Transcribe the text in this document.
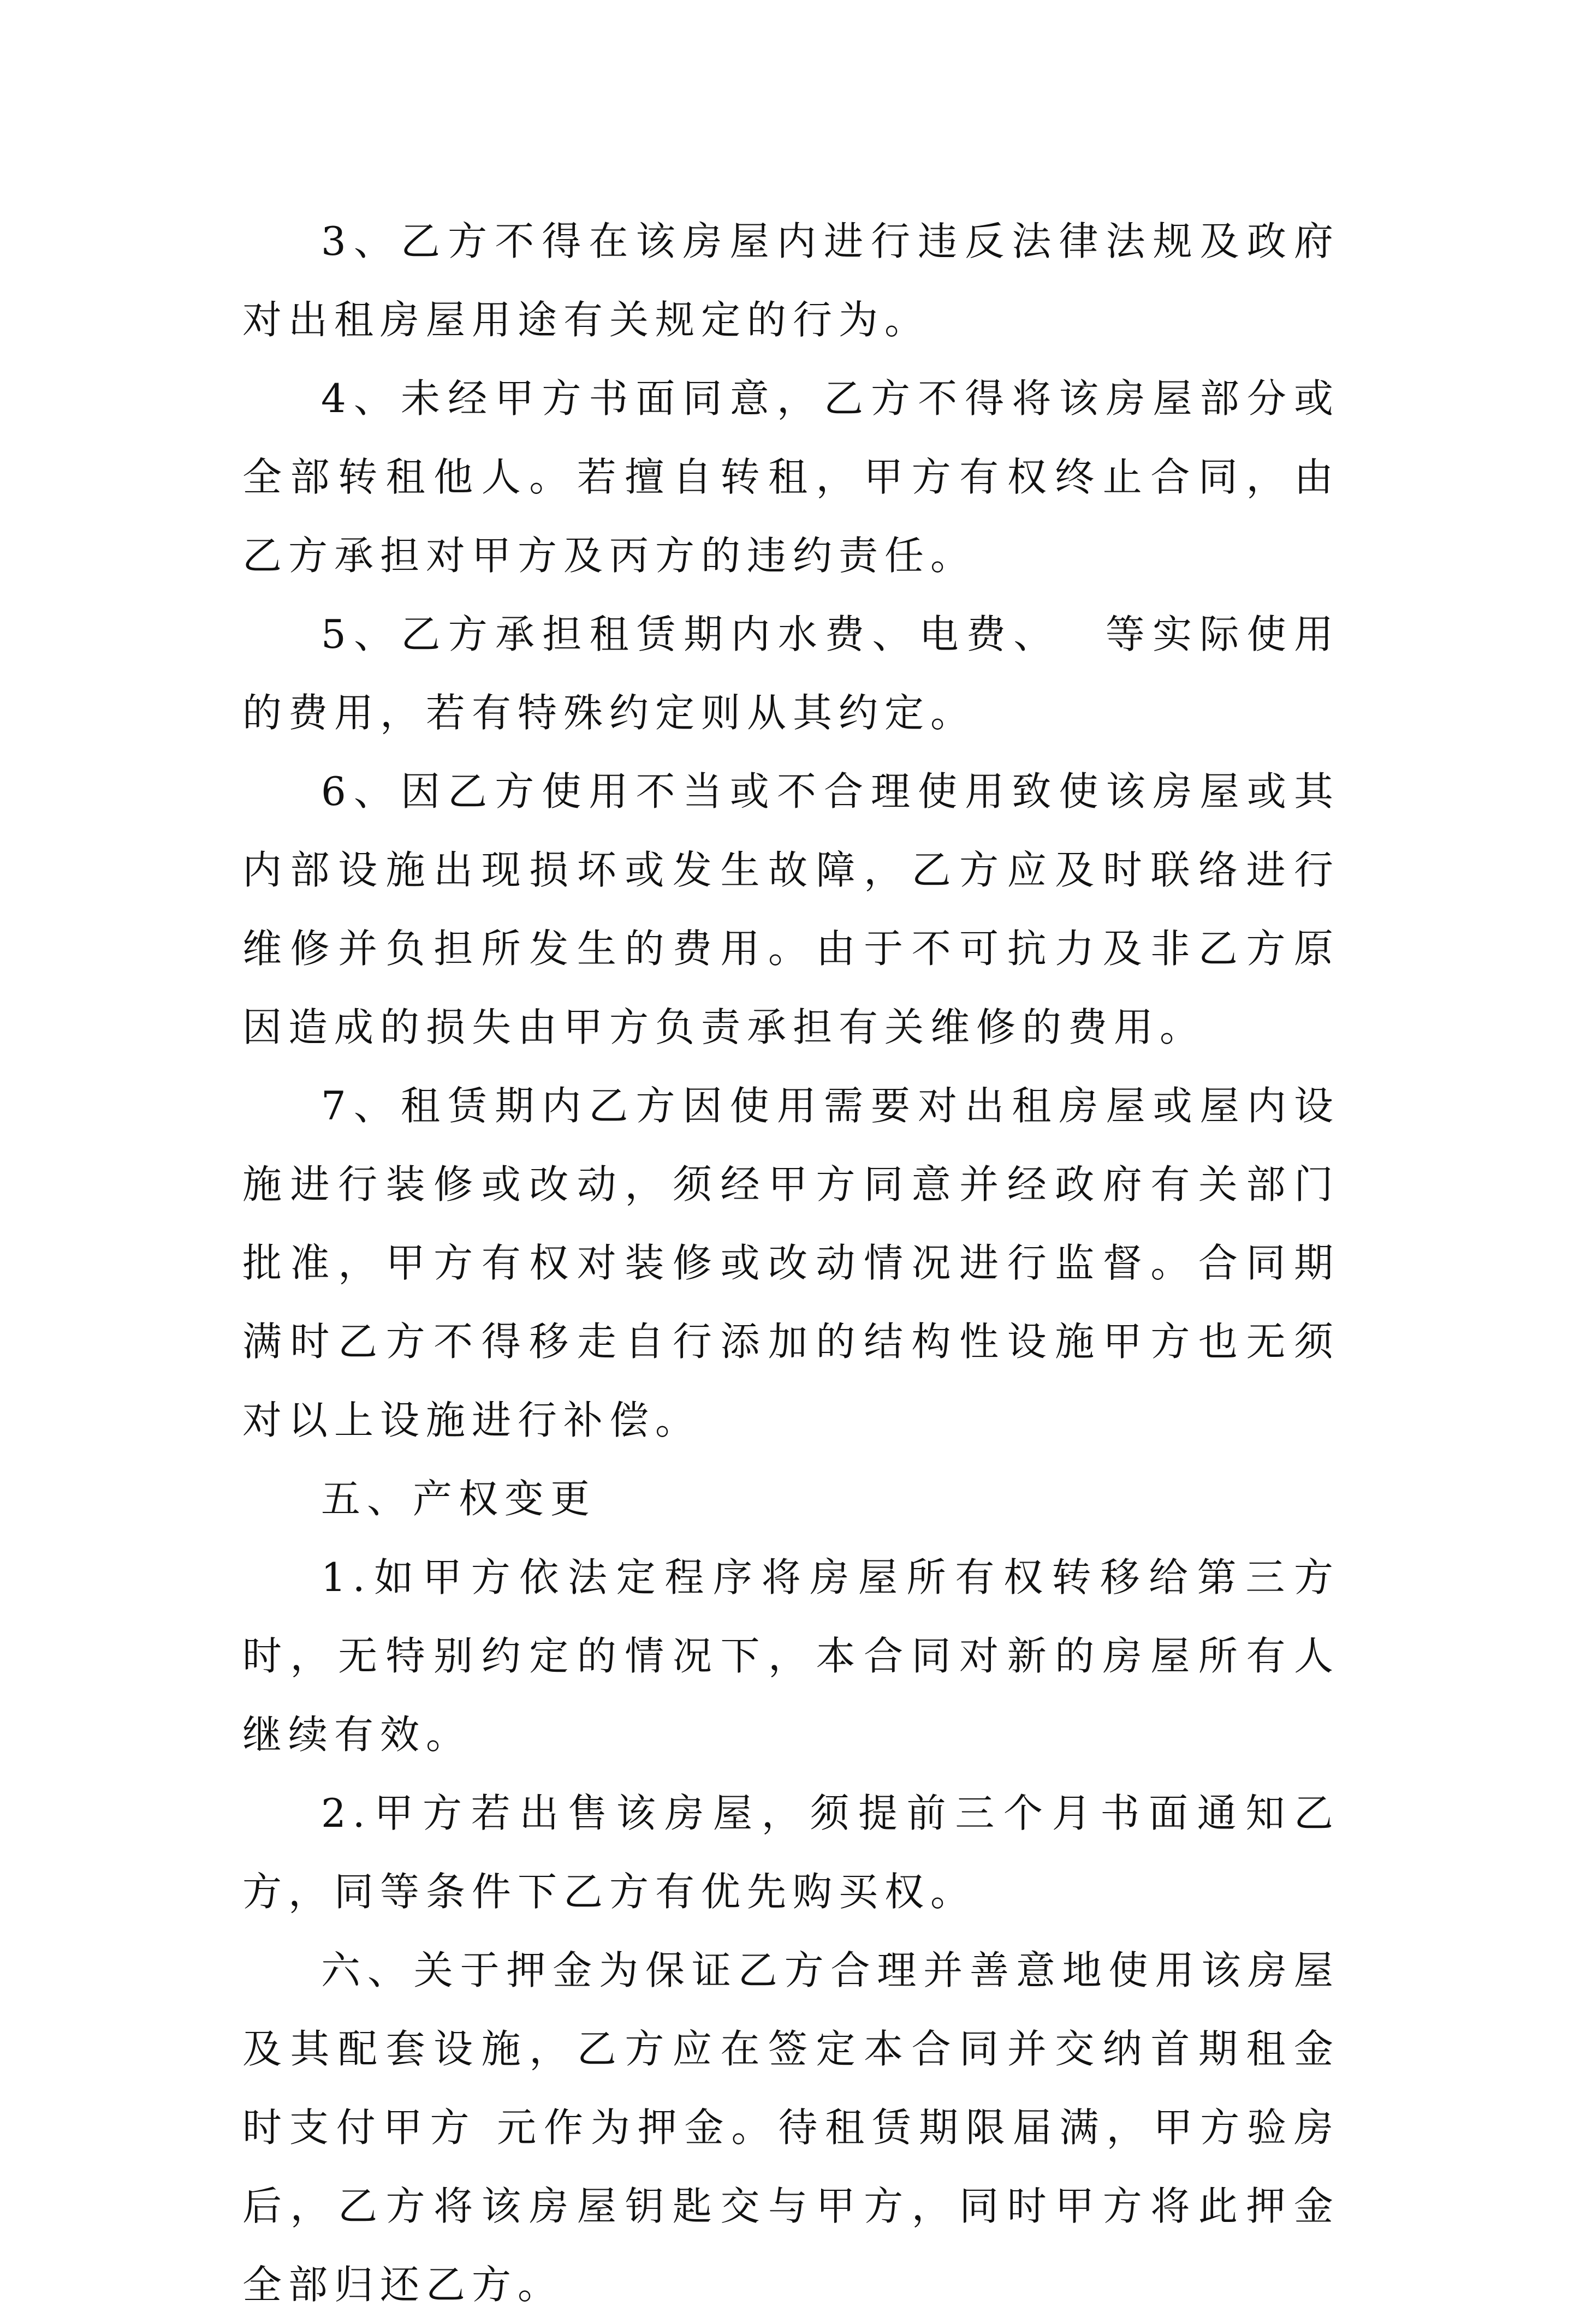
3、乙方不得在该房屋内进行违反法律法规及政府对出租房屋用途有关规定的行为。

4、未经甲方书面同意，乙方不得将该房屋部分或全部转租他人。若擅自转租，甲方有权终止合同，由乙方承担对甲方及丙方的违约责任。

5、乙方承担租赁期内水费、电费、 等实际使用的费用，若有特殊约定则从其约定。

6、因乙方使用不当或不合理使用致使该房屋或其内部设施出现损坏或发生故障，乙方应及时联络进行维修并负担所发生的费用。由于不可抗力及非乙方原因造成的损失由甲方负责承担有关维修的费用。

7、租赁期内乙方因使用需要对出租房屋或屋内设施进行装修或改动，须经甲方同意并经政府有关部门批准，甲方有权对装修或改动情况进行监督。合同期满时乙方不得移走自行添加的结构性设施甲方也无须对以上设施进行补偿。

五、产权变更

1.如甲方依法定程序将房屋所有权转移给第三方时，无特别约定的情况下，本合同对新的房屋所有人继续有效。

2.甲方若出售该房屋，须提前三个月书面通知乙方，同等条件下乙方有优先购买权。

六、关于押金为保证乙方合理并善意地使用该房屋及其配套设施，乙方应在签定本合同并交纳首期租金时支付甲方 元作为押金。待租赁期限届满，甲方验房后，乙方将该房屋钥匙交与甲方，同时甲方将此押金全部归还乙方。
